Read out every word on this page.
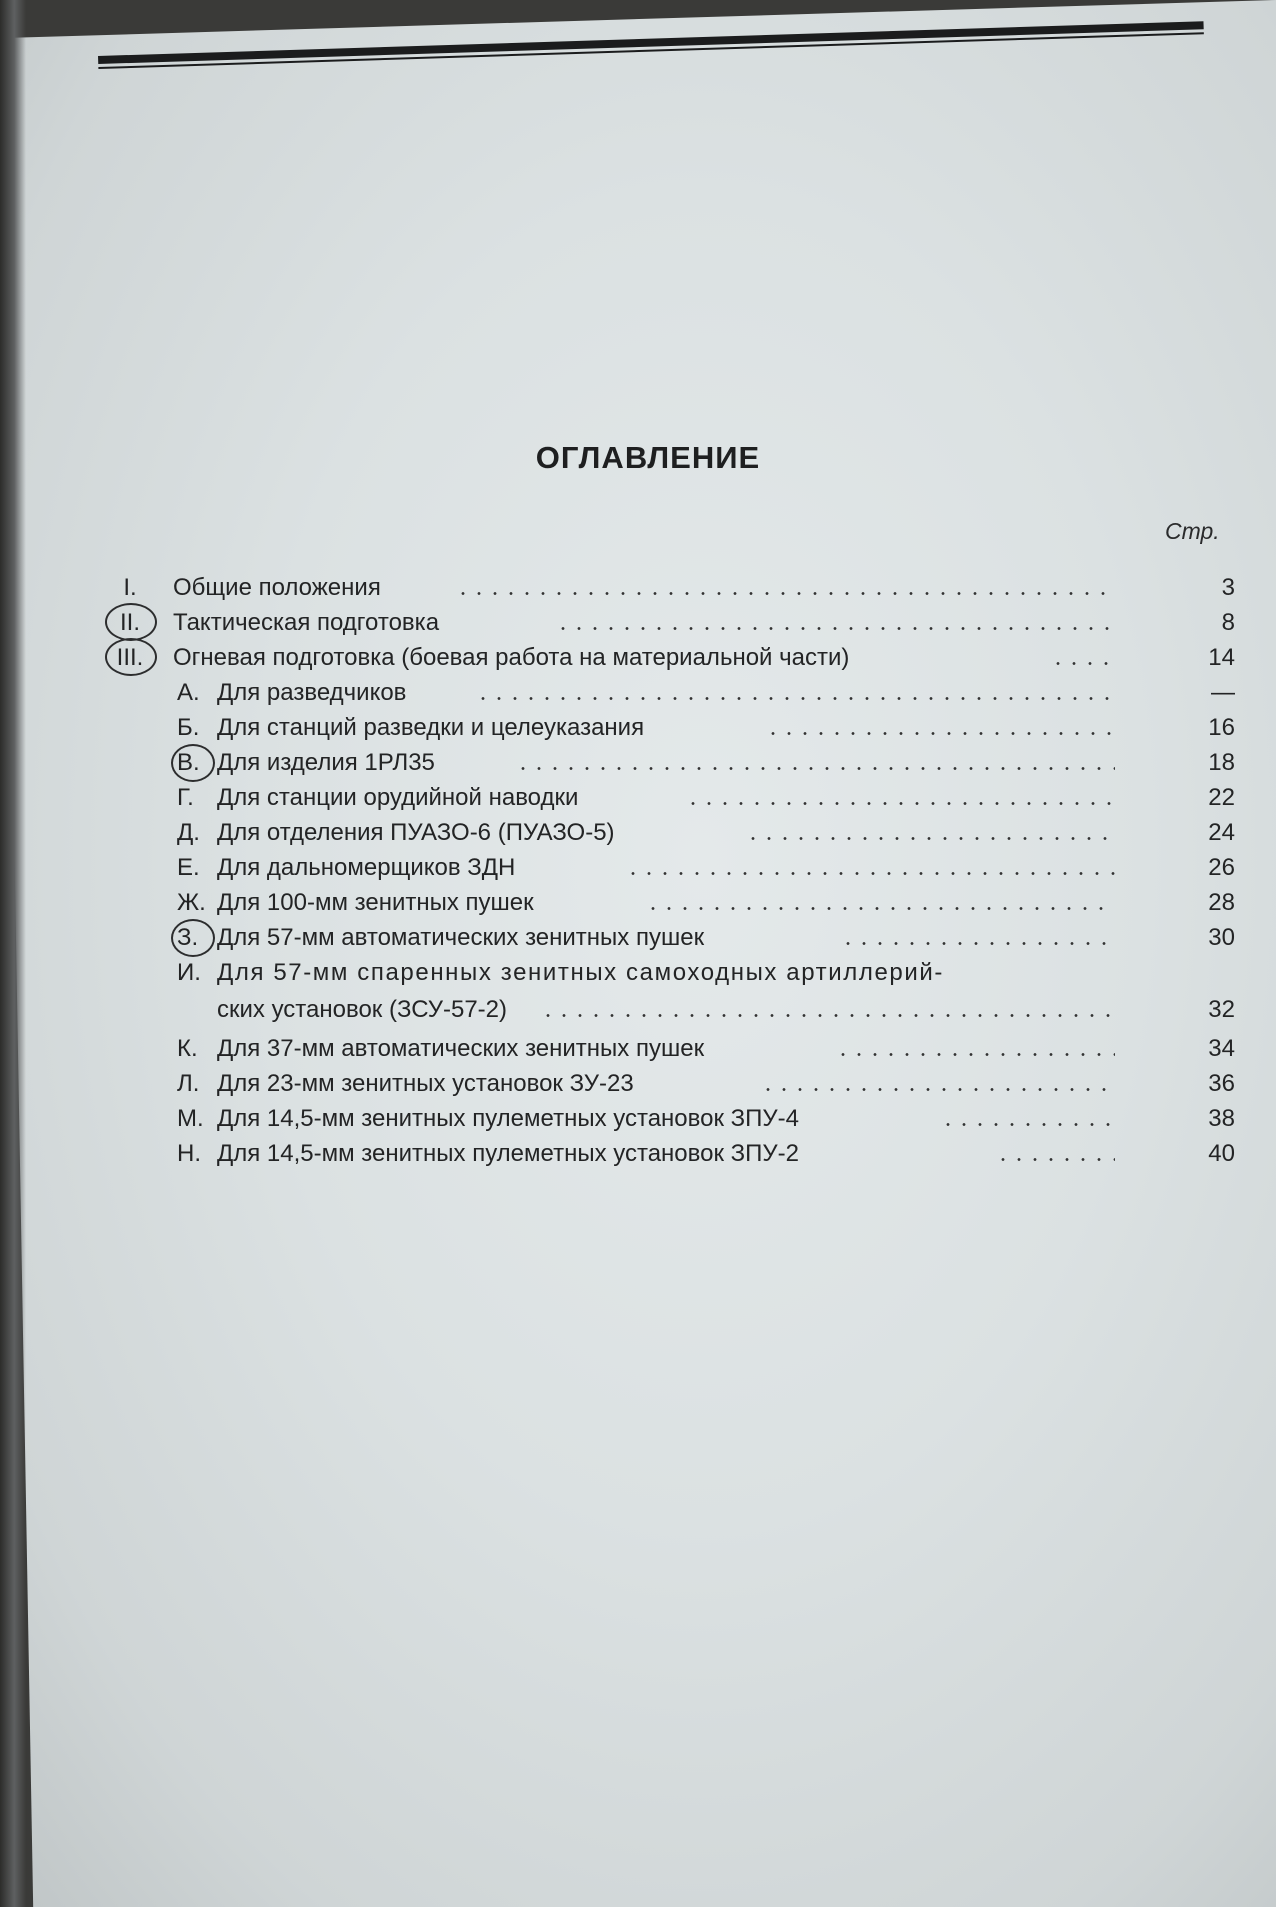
ОГЛАВЛЕНИЕ
Стр.
I.	Общие положения	3
II.	Тактическая подготовка	8
III.	Огневая подготовка (боевая работа на материальной части)	14
А. Для разведчиков	—
Б. Для станций разведки и целеуказания	16
В. Для изделия 1РЛ35	18
Г. Для станции орудийной наводки	22
Д. Для отделения ПУАЗО-6 (ПУАЗО-5)	24
Е. Для дальномерщиков ЗДН	26
Ж. Для 100-мм зенитных пушек	28
З. Для 57-мм автоматических зенитных пушек	30
И. Для 57-мм спаренных зенитных самоходных артиллерий-
ских установок (ЗСУ-57-2)	32
К. Для 37-мм автоматических зенитных пушек	34
Л. Для 23-мм зенитных установок ЗУ-23	36
М. Для 14,5-мм зенитных пулеметных установок ЗПУ-4	38
Н. Для 14,5-мм зенитных пулеметных установок ЗПУ-2	40
